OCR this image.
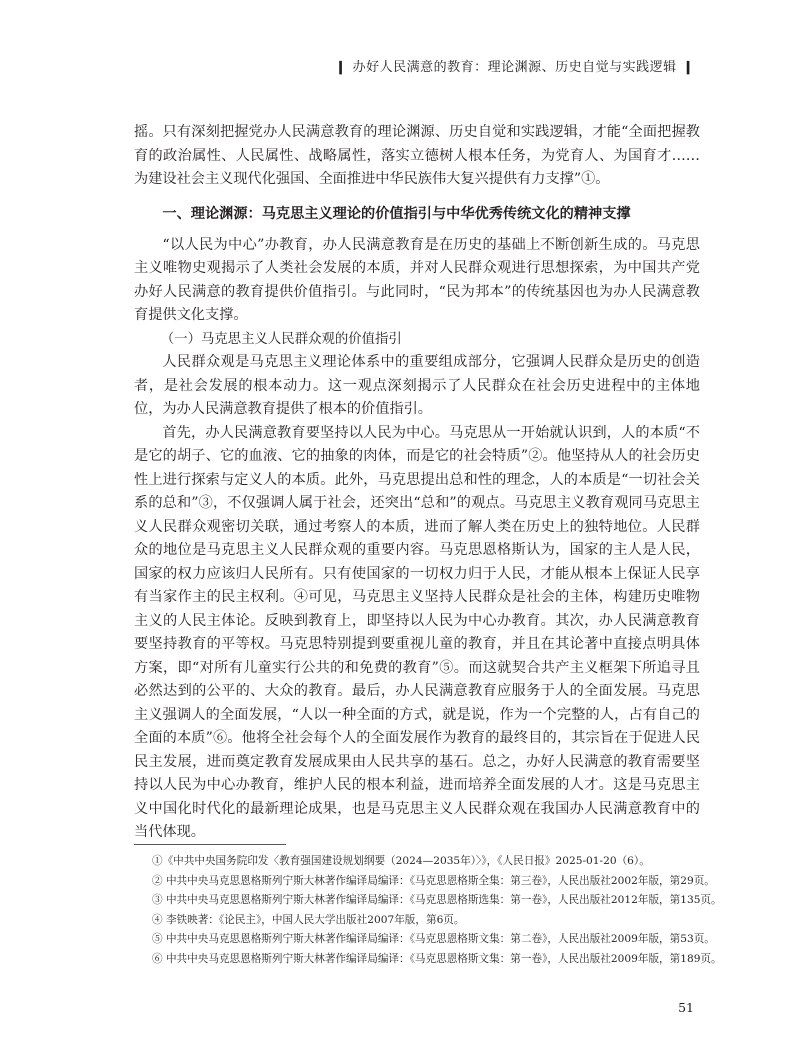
❙ 办好人民满意的教育：理论渊源、历史自觉与实践逻辑 ❙

摇。只有深刻把握党办人民满意教育的理论渊源、历史自觉和实践逻辑，才能“全面把握教育的政治属性、人民属性、战略属性，落实立德树人根本任务，为党育人、为国育才……为建设社会主义现代化强国、全面推进中华民族伟大复兴提供有力支撑”①。

一、理论渊源：马克思主义理论的价值指引与中华优秀传统文化的精神支撑

“以人民为中心”办教育，办人民满意教育是在历史的基础上不断创新生成的。马克思主义唯物史观揭示了人类社会发展的本质，并对人民群众观进行思想探索，为中国共产党办好人民满意的教育提供价值指引。与此同时，“民为邦本”的传统基因也为办人民满意教育提供文化支撑。

（一）马克思主义人民群众观的价值指引

人民群众观是马克思主义理论体系中的重要组成部分，它强调人民群众是历史的创造者，是社会发展的根本动力。这一观点深刻揭示了人民群众在社会历史进程中的主体地位，为办人民满意教育提供了根本的价值指引。

首先，办人民满意教育要坚持以人民为中心。马克思从一开始就认识到，人的本质“不是它的胡子、它的血液、它的抽象的肉体，而是它的社会特质”②。他坚持从人的社会历史性上进行探索与定义人的本质。此外，马克思提出总和性的理念，人的本质是“一切社会关系的总和”③，不仅强调人属于社会，还突出“总和”的观点。马克思主义教育观同马克思主义人民群众观密切关联，通过考察人的本质，进而了解人类在历史上的独特地位。人民群众的地位是马克思主义人民群众观的重要内容。马克思恩格斯认为，国家的主人是人民，国家的权力应该归人民所有。只有使国家的一切权力归于人民，才能从根本上保证人民享有当家作主的民主权利。④可见，马克思主义坚持人民群众是社会的主体，构建历史唯物主义的人民主体论。反映到教育上，即坚持以人民为中心办教育。其次，办人民满意教育要坚持教育的平等权。马克思特别提到要重视儿童的教育，并且在其论著中直接点明具体方案，即“对所有儿童实行公共的和免费的教育”⑤。而这就契合共产主义框架下所追寻且必然达到的公平的、大众的教育。最后，办人民满意教育应服务于人的全面发展。马克思主义强调人的全面发展，“人以一种全面的方式，就是说，作为一个完整的人，占有自己的全面的本质”⑥。他将全社会每个人的全面发展作为教育的最终目的，其宗旨在于促进人民民主发展，进而奠定教育发展成果由人民共享的基石。总之，办好人民满意的教育需要坚持以人民为中心办教育，维护人民的根本利益，进而培养全面发展的人才。这是马克思主义中国化时代化的最新理论成果，也是马克思主义人民群众观在我国办人民满意教育中的当代体现。

①《中共中央国务院印发〈教育强国建设规划纲要（2024—2035年）〉》，《人民日报》2025-01-20（6）。
② 中共中央马克思恩格斯列宁斯大林著作编译局编译：《马克思恩格斯全集：第三卷》，人民出版社2002年版，第29页。
③ 中共中央马克思恩格斯列宁斯大林著作编译局编译：《马克思恩格斯选集：第一卷》，人民出版社2012年版，第135页。
④ 李铁映著：《论民主》，中国人民大学出版社2007年版，第6页。
⑤ 中共中央马克思恩格斯列宁斯大林著作编译局编译：《马克思恩格斯文集：第二卷》，人民出版社2009年版，第53页。
⑥ 中共中央马克思恩格斯列宁斯大林著作编译局编译：《马克思恩格斯文集：第一卷》，人民出版社2009年版，第189页。
51
